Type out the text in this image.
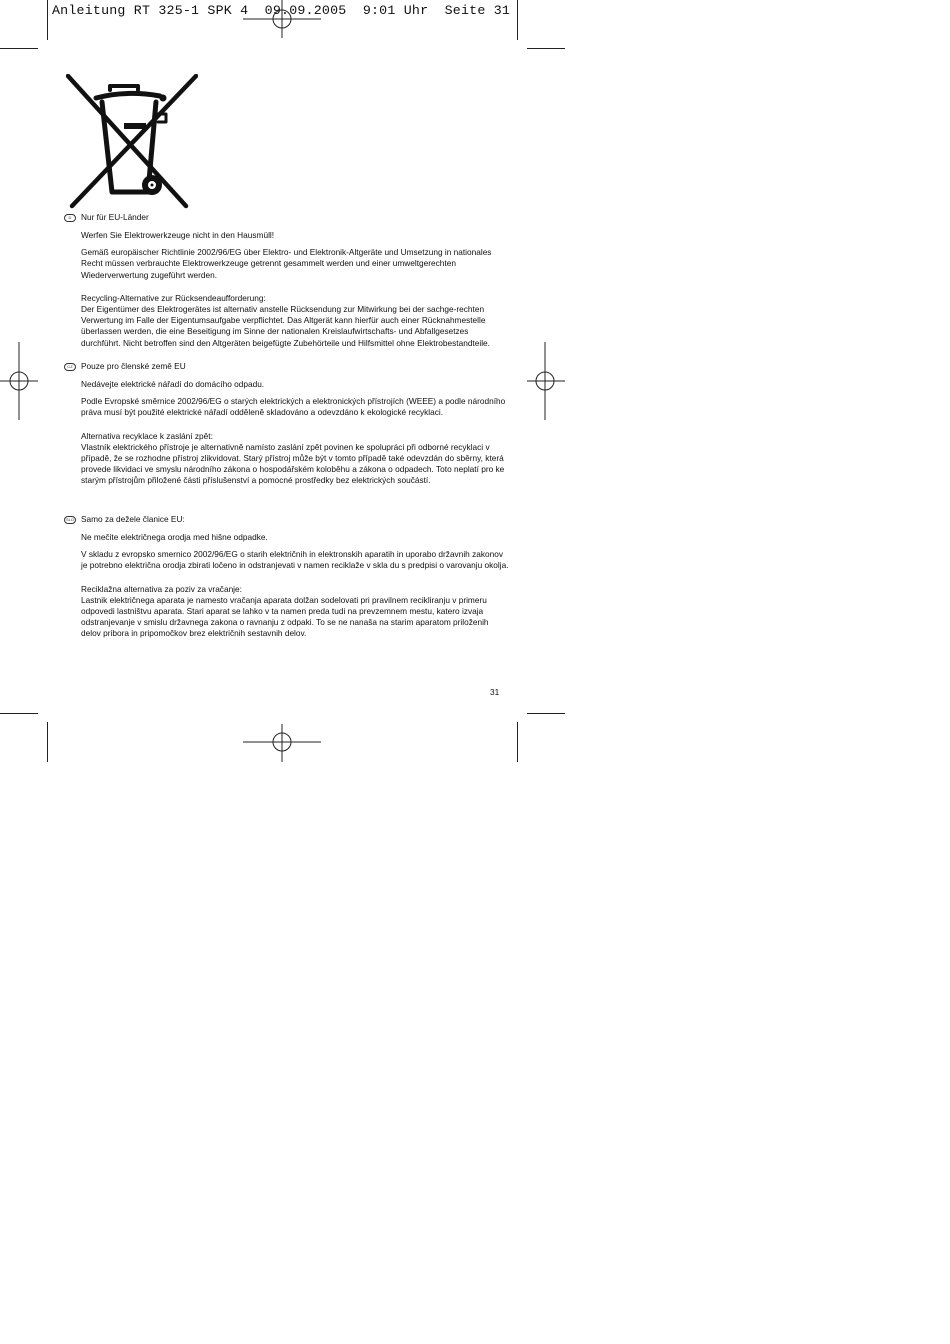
Anleitung RT 325-1 SPK 4  09.09.2005  9:01 Uhr  Seite 31
D	Nur für EU-Länder
Werfen Sie Elektrowerkzeuge nicht in den Hausmüll!
Gemäß europäischer Richtlinie 2002/96/EG über Elektro- und Elektronik-Altgeräte und Umsetzung in nationales Recht müssen verbrauchte Elektrowerkzeuge getrennt gesammelt werden und einer umweltgerechten Wiederverwertung zugeführt werden.
Recycling-Alternative zur Rücksendeaufforderung:
Der Eigentümer des Elektrogerätes ist alternativ anstelle Rücksendung zur Mitwirkung bei der sachge-rechten Verwertung im Falle der Eigentumsaufgabe verpflichtet. Das Altgerät kann hierfür auch einer Rücknahmestelle überlassen werden, die eine Beseitigung im Sinne der nationalen Kreislaufwirtschafts- und Abfallgesetzes durchführt. Nicht betroffen sind den Altgeräten beigefügte Zubehörteile und Hilfsmittel ohne Elektrobestandteile.
CZ	Pouze pro členské země EU
Nedávejte elektrické nářadí do domácího odpadu.
Podle Evropské směrnice 2002/96/EG o starých elektrických a elektronických přístrojích (WEEE) a podle národního práva musí být použité elektrické nářadí odděleně skladováno a odevzdáno k ekologické recyklaci.
Alternativa recyklace k zaslání zpět:
Vlastník elektrického přístroje je alternativně namísto zaslání zpět povinen ke spolupráci při odborné recyklaci v případě, že se rozhodne přístroj zlikvidovat. Starý přístroj může být v tomto případě také odevzdán do sběrny, která provede likvidaci ve smyslu národního zákona o hospodářském koloběhu a zákona o odpadech. Toto neplatí pro ke starým přístrojům přiložené části příslušenství a pomocné prostředky bez elektrických součástí.
SLO Samo za dežele članice EU:
Ne mečite električnega orodja med hišne odpadke.
V skladu z evropsko smernico 2002/96/EG o starih električnih in elektronskih aparatih in uporabo državnih zakonov je potrebno električna orodja zbirati ločeno in odstranjevati v namen reciklaže v skla du s predpisi o varovanju okolja.
Reciklažna alternativa za poziv za vračanje:
Lastnik električnega aparata je namesto vračanja aparata dolžan sodelovati pri pravilnem recikliranju v primeru odpovedi lastništvu aparata. Stari aparat se lahko v ta namen preda tudi na prevzemnem mestu, katero izvaja odstranjevanje v smislu državnega zakona o ravnanju z odpaki. To se ne nanaša na starim aparatom priloženih delov pribora in pripomočkov brez električnih sestavnih delov.
31
